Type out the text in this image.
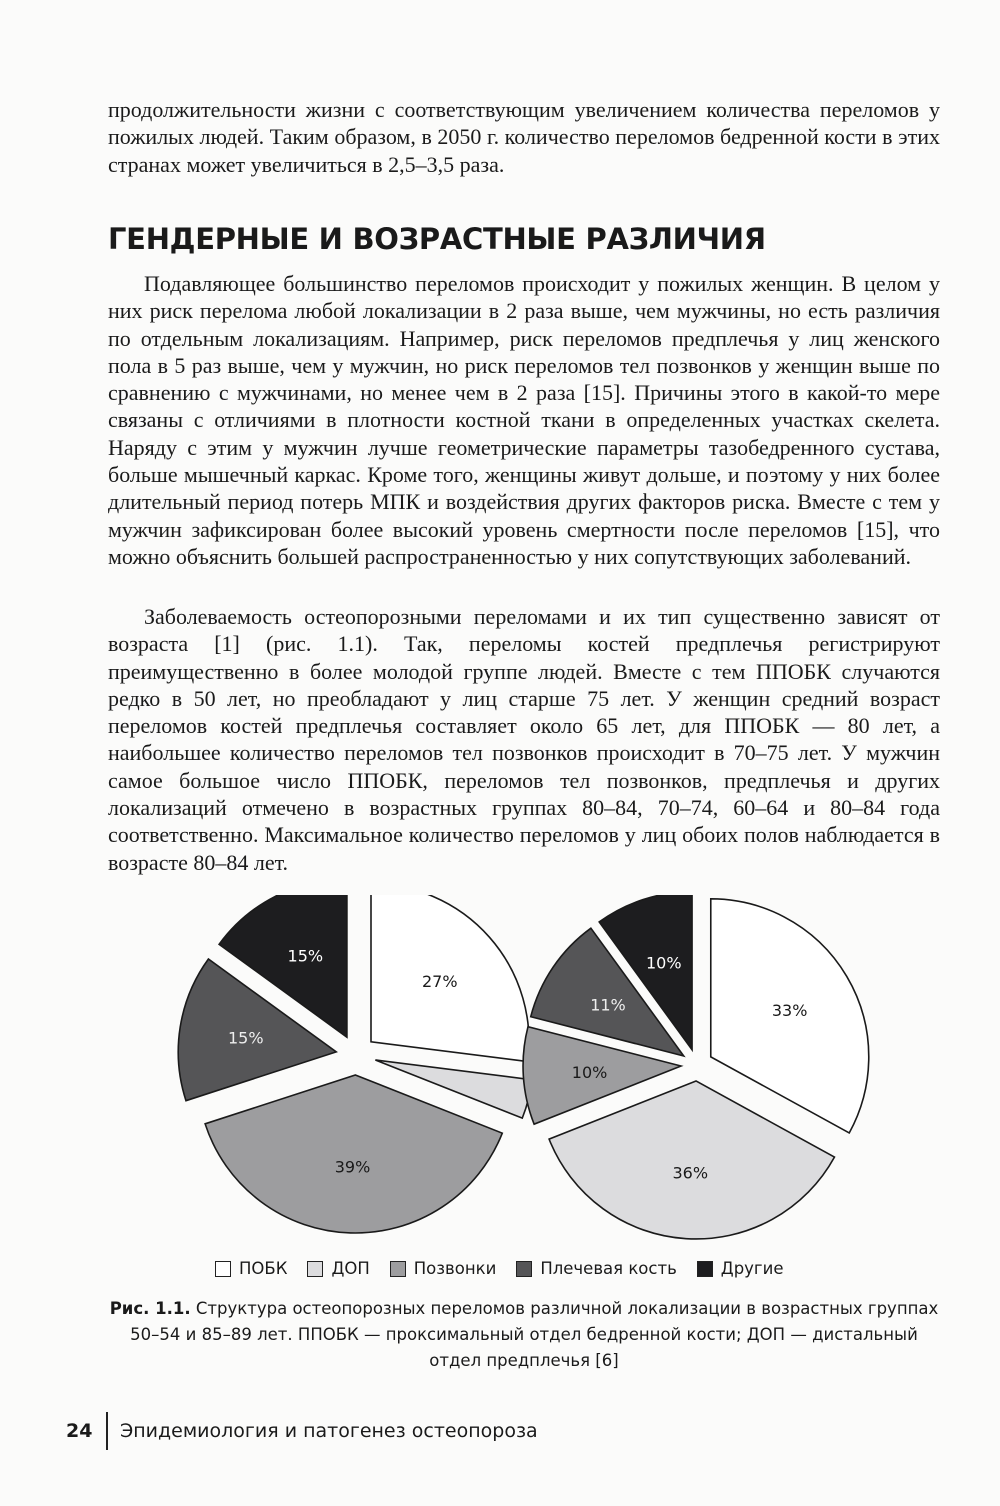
продолжительности жизни с соответствующим увеличением количества переломов у пожилых людей. Таким образом, в 2050 г. количество переломов бедренной кости в этих странах может увеличиться в 2,5–3,5 раза.

ГЕНДЕРНЫЕ И ВОЗРАСТНЫЕ РАЗЛИЧИЯ

Подавляющее большинство переломов происходит у пожилых женщин. В целом у них риск перелома любой локализации в 2 раза выше, чем мужчины, но есть различия по отдельным локализациям. Например, риск переломов предплечья у лиц женского пола в 5 раз выше, чем у мужчин, но риск переломов тел позвонков у женщин выше по сравнению с мужчинами, но менее чем в 2 раза [15]. Причины этого в какой-то мере связаны с отличиями в плотности костной ткани в определенных участках скелета. Наряду с этим у мужчин лучше геометрические параметры тазобедренного сустава, больше мышечный каркас. Кроме того, женщины живут дольше, и поэтому у них более длительный период потерь МПК и воздействия других факторов риска. Вместе с тем у мужчин зафиксирован более высокий уровень смертности после переломов [15], что можно объяснить большей распространенностью у них сопутствующих заболеваний.

Заболеваемость остеопорозными переломами и их тип существенно зависят от возраста [1] (рис. 1.1). Так, переломы костей предплечья регистрируют преимущественно в более молодой группе людей. Вместе с тем ППОБК случаются редко в 50 лет, но преобладают у лиц старше 75 лет. У женщин средний возраст переломов костей предплечья составляет около 65 лет, для ППОБК — 80 лет, а наибольшее количество переломов тел позвонков происходит в 70–75 лет. У мужчин самое большое число ППОБК, переломов тел позвонков, предплечья и других локализаций отмечено в возрастных группах 80–84, 70–74, 60–64 и 80–84 года соответственно. Максимальное количество переломов у лиц обоих полов наблюдается в возрасте 80–84 лет.

27%
39%
15%
15%
33%
36%
10%
11%
10%
ПОБК	ДОП	Позвонки	Плечевая кость	Другие

Рис. 1.1. Структура остеопорозных переломов различной локализации в возрастных группах 50–54 и 85–89 лет. ППОБК — проксимальный отдел бедренной кости; ДОП — дистальный отдел предплечья [6]

24 Эпидемиология и патогенез остеопороза
